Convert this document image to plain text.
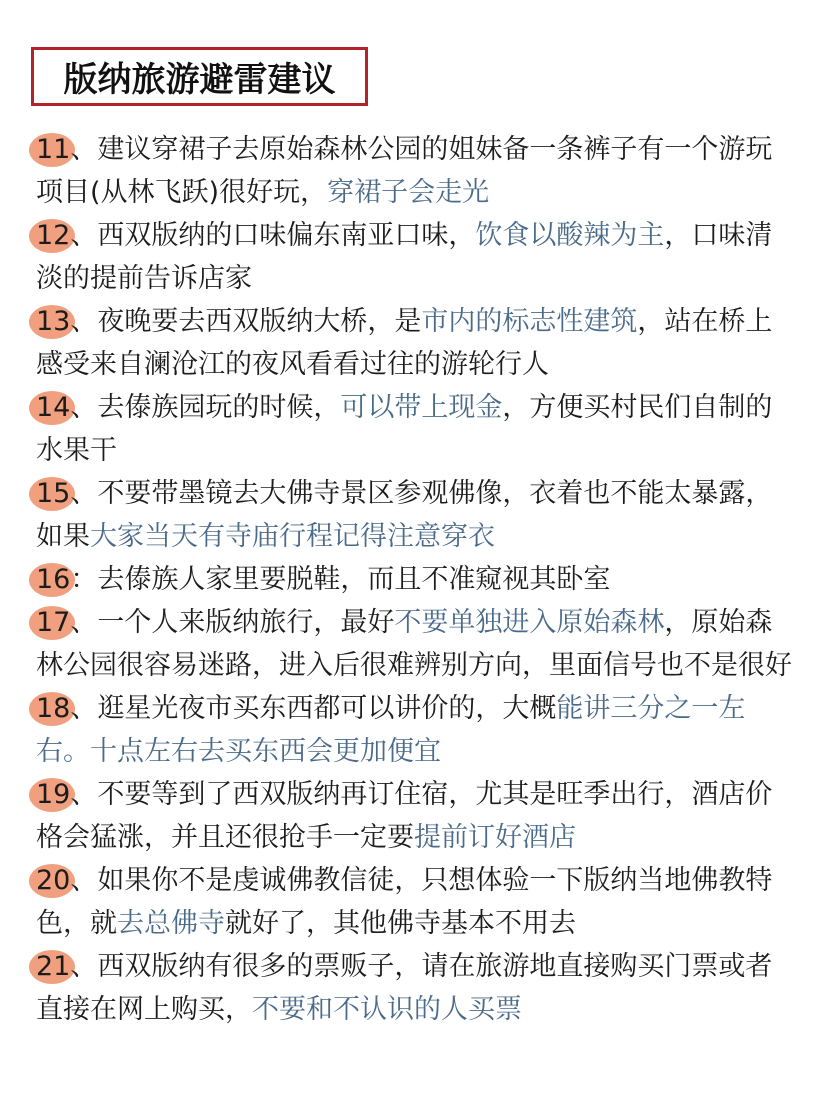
版纳旅游避雷建议

11、建议穿裙子去原始森林公园的姐妹备一条裤子有一个游玩项目(从林飞跃)很好玩，穿裙子会走光

12、西双版纳的口味偏东南亚口味，饮食以酸辣为主，口味清淡的提前告诉店家

13、夜晚要去西双版纳大桥，是市内的标志性建筑，站在桥上感受来自澜沧江的夜风看看过往的游轮行人

14、去傣族园玩的时候，可以带上现金，方便买村民们自制的水果干

15、不要带墨镜去大佛寺景区参观佛像，衣着也不能太暴露，如果大家当天有寺庙行程记得注意穿衣

16：去傣族人家里要脱鞋，而且不准窥视其卧室

17、一个人来版纳旅行，最好不要单独进入原始森林，原始森林公园很容易迷路，进入后很难辨别方向，里面信号也不是很好

18、逛星光夜市买东西都可以讲价的，大概能讲三分之一左右。十点左右去买东西会更加便宜

19、不要等到了西双版纳再订住宿，尤其是旺季出行，酒店价格会猛涨，并且还很抢手一定要提前订好酒店

20、如果你不是虔诚佛教信徒，只想体验一下版纳当地佛教特色，就去总佛寺就好了，其他佛寺基本不用去

21、西双版纳有很多的票贩子，请在旅游地直接购买门票或者直接在网上购买，不要和不认识的人买票
